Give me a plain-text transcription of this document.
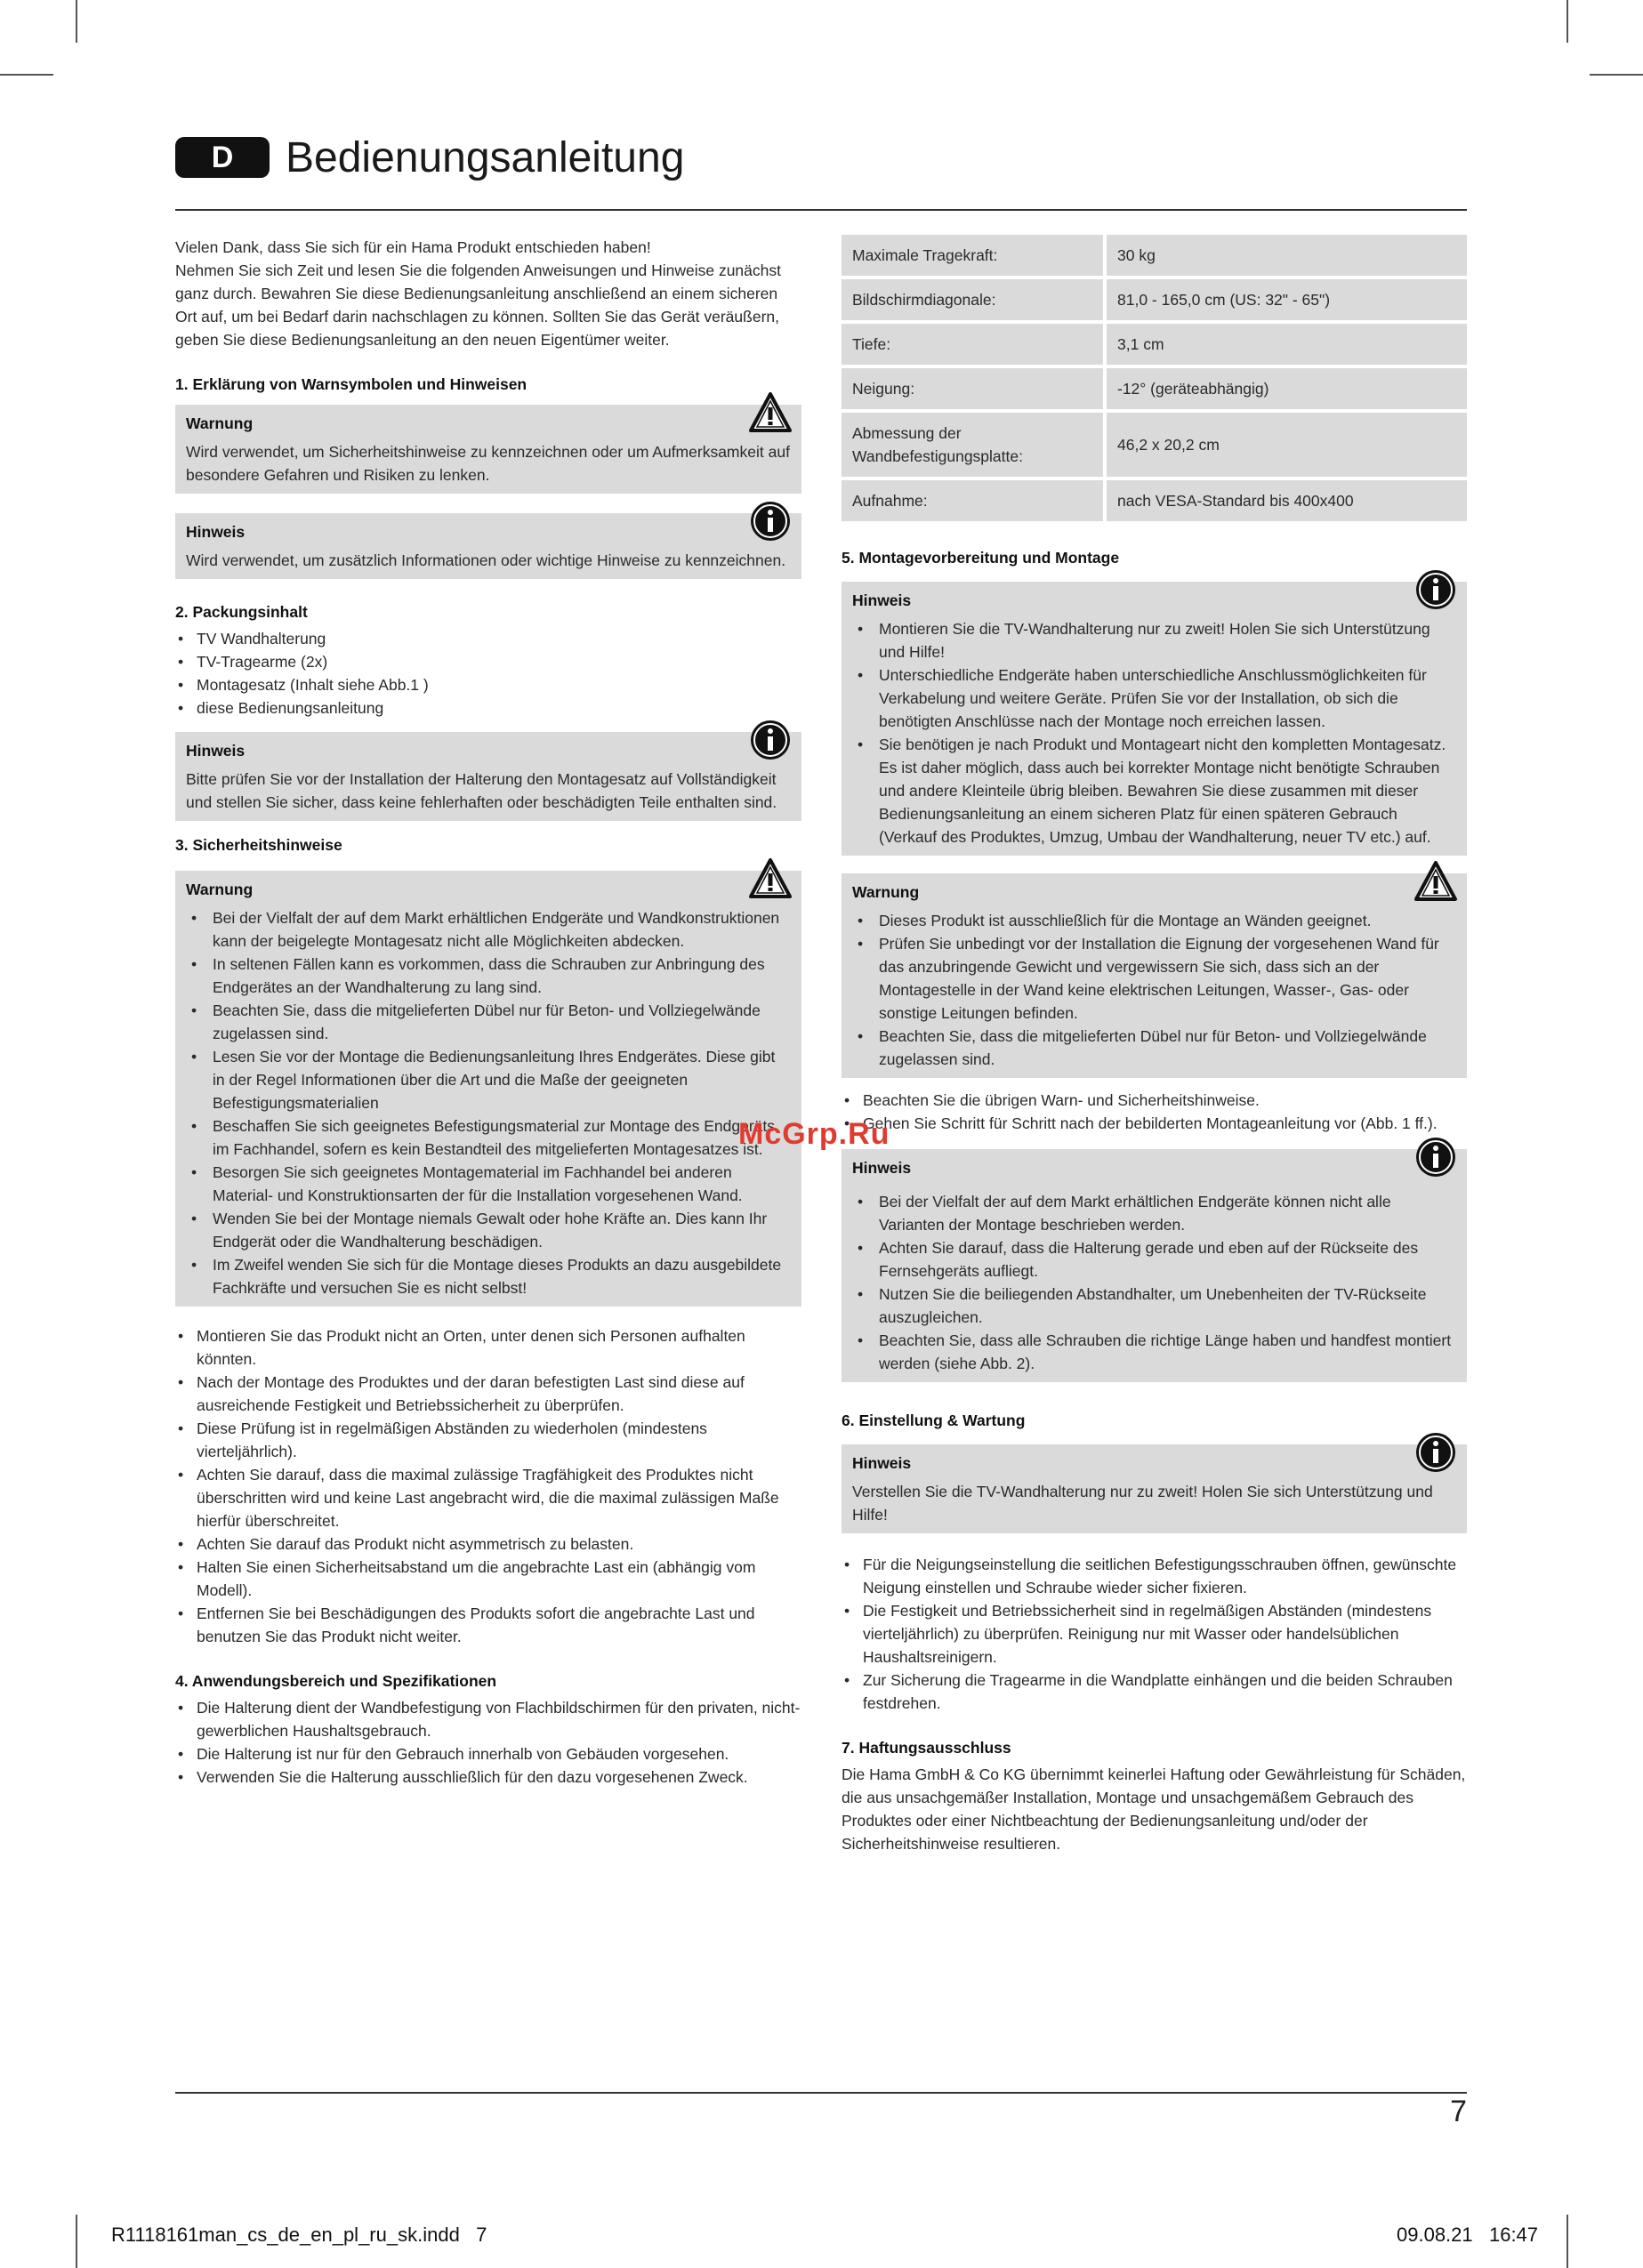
D	Bedienungsanleitung

Vielen Dank, dass Sie sich für ein Hama Produkt entschieden haben!
Nehmen Sie sich Zeit und lesen Sie die folgenden Anweisungen und Hinweise zunächst ganz durch. Bewahren Sie diese Bedienungsanleitung anschließend an einem sicheren Ort auf, um bei Bedarf darin nachschlagen zu können. Sollten Sie das Gerät veräußern, geben Sie diese Bedienungsanleitung an den neuen Eigentümer weiter.

1. Erklärung von Warnsymbolen und Hinweisen
Warnung
Wird verwendet, um Sicherheitshinweise zu kennzeichnen oder um Aufmerksamkeit auf besondere Gefahren und Risiken zu lenken.
Hinweis
Wird verwendet, um zusätzlich Informationen oder wichtige Hinweise zu kennzeichnen.
2. Packungsinhalt
• TV Wandhalterung
• TV-Tragearme (2x)
• Montagesatz (Inhalt siehe Abb.1 )
• diese Bedienungsanleitung
Hinweis
Bitte prüfen Sie vor der Installation der Halterung den Montagesatz auf Vollständigkeit und stellen Sie sicher, dass keine fehlerhaften oder beschädigten Teile enthalten sind.
3. Sicherheitshinweise
Warnung
• Bei der Vielfalt der auf dem Markt erhältlichen Endgeräte und Wandkonstruktionen kann der beigelegte Montagesatz nicht alle Möglichkeiten abdecken.
• In seltenen Fällen kann es vorkommen, dass die Schrauben zur Anbringung des Endgerätes an der Wandhalterung zu lang sind.
• Beachten Sie, dass die mitgelieferten Dübel nur für Beton- und Vollziegelwände zugelassen sind.
• Lesen Sie vor der Montage die Bedienungsanleitung Ihres Endgerätes. Diese gibt in der Regel Informationen über die Art und die Maße der geeigneten Befestigungsmaterialien
• Beschaffen Sie sich geeignetes Befestigungsmaterial zur Montage des Endgeräts im Fachhandel, sofern es kein Bestandteil des mitgelieferten Montagesatzes ist.
• Besorgen Sie sich geeignetes Montagematerial im Fachhandel bei anderen Material- und Konstruktionsarten der für die Installation vorgesehenen Wand.
• Wenden Sie bei der Montage niemals Gewalt oder hohe Kräfte an. Dies kann Ihr Endgerät oder die Wandhalterung beschädigen.
• Im Zweifel wenden Sie sich für die Montage dieses Produkts an dazu ausgebildete Fachkräfte und versuchen Sie es nicht selbst!
• Montieren Sie das Produkt nicht an Orten, unter denen sich Personen aufhalten könnten.
• Nach der Montage des Produktes und der daran befestigten Last sind diese auf ausreichende Festigkeit und Betriebssicherheit zu überprüfen.
• Diese Prüfung ist in regelmäßigen Abständen zu wiederholen (mindestens vierteljährlich).
• Achten Sie darauf, dass die maximal zulässige Tragfähigkeit des Produktes nicht überschritten wird und keine Last angebracht wird, die die maximal zulässigen Maße hierfür überschreitet.
• Achten Sie darauf das Produkt nicht asymmetrisch zu belasten.
• Halten Sie einen Sicherheitsabstand um die angebrachte Last ein (abhängig vom Modell).
• Entfernen Sie bei Beschädigungen des Produkts sofort die angebrachte Last und benutzen Sie das Produkt nicht weiter.
4. Anwendungsbereich und Spezifikationen
• Die Halterung dient der Wandbefestigung von Flachbildschirmen für den privaten, nicht-gewerblichen Haushaltsgebrauch.
• Die Halterung ist nur für den Gebrauch innerhalb von Gebäuden vorgesehen.
• Verwenden Sie die Halterung ausschließlich für den dazu vorgesehenen Zweck.
Maximale Tragekraft:	30 kg
Bildschirmdiagonale:	81,0 - 165,0 cm (US: 32" - 65")
Tiefe:	3,1 cm
Neigung:	-12° (geräteabhängig)
Abmessung der Wandbefestigungsplatte:	46,2 x 20,2 cm
Aufnahme:	nach VESA-Standard bis 400x400
5. Montagevorbereitung und Montage
Hinweis
• Montieren Sie die TV-Wandhalterung nur zu zweit! Holen Sie sich Unterstützung und Hilfe!
• Unterschiedliche Endgeräte haben unterschiedliche Anschlussmöglichkeiten für Verkabelung und weitere Geräte. Prüfen Sie vor der Installation, ob sich die benötigten Anschlüsse nach der Montage noch erreichen lassen.
• Sie benötigen je nach Produkt und Montageart nicht den kompletten Montagesatz. Es ist daher möglich, dass auch bei korrekter Montage nicht benötigte Schrauben und andere Kleinteile übrig bleiben. Bewahren Sie diese zusammen mit dieser Bedienungsanleitung an einem sicheren Platz für einen späteren Gebrauch (Verkauf des Produktes, Umzug, Umbau der Wandhalterung, neuer TV etc.) auf.
Warnung
• Dieses Produkt ist ausschließlich für die Montage an Wänden geeignet.
• Prüfen Sie unbedingt vor der Installation die Eignung der vorgesehenen Wand für das anzubringende Gewicht und vergewissern Sie sich, dass sich an der Montagestelle in der Wand keine elektrischen Leitungen, Wasser-, Gas- oder sonstige Leitungen befinden.
• Beachten Sie, dass die mitgelieferten Dübel nur für Beton- und Vollziegelwände zugelassen sind.
• Beachten Sie die übrigen Warn- und Sicherheitshinweise.
• Gehen Sie Schritt für Schritt nach der bebilderten Montageanleitung vor (Abb. 1 ff.).
Hinweis
• Bei der Vielfalt der auf dem Markt erhältlichen Endgeräte können nicht alle Varianten der Montage beschrieben werden.
• Achten Sie darauf, dass die Halterung gerade und eben auf der Rückseite des Fernsehgeräts aufliegt.
• Nutzen Sie die beiliegenden Abstandhalter, um Unebenheiten der TV-Rückseite auszugleichen.
• Beachten Sie, dass alle Schrauben die richtige Länge haben und handfest montiert werden (siehe Abb. 2).
6. Einstellung & Wartung
Hinweis
Verstellen Sie die TV-Wandhalterung nur zu zweit! Holen Sie sich Unterstützung und Hilfe!
• Für die Neigungseinstellung die seitlichen Befestigungsschrauben öffnen, gewünschte Neigung einstellen und Schraube wieder sicher fixieren.
• Die Festigkeit und Betriebssicherheit sind in regelmäßigen Abständen (mindestens vierteljährlich) zu überprüfen. Reinigung nur mit Wasser oder handelsüblichen Haushaltsreinigern.
• Zur Sicherung die Tragearme in die Wandplatte einhängen und die beiden Schrauben festdrehen.
7. Haftungsausschluss

Die Hama GmbH & Co KG übernimmt keinerlei Haftung oder Gewährleistung für Schäden, die aus unsachgemäßer Installation, Montage und unsachgemäßem Gebrauch des Produktes oder einer Nichtbeachtung der Bedienungsanleitung und/oder der Sicherheitshinweise resultieren.

McGrp.Ru
7
R1118161man_cs_de_en_pl_ru_sk.indd   7	09.08.21   16:47
